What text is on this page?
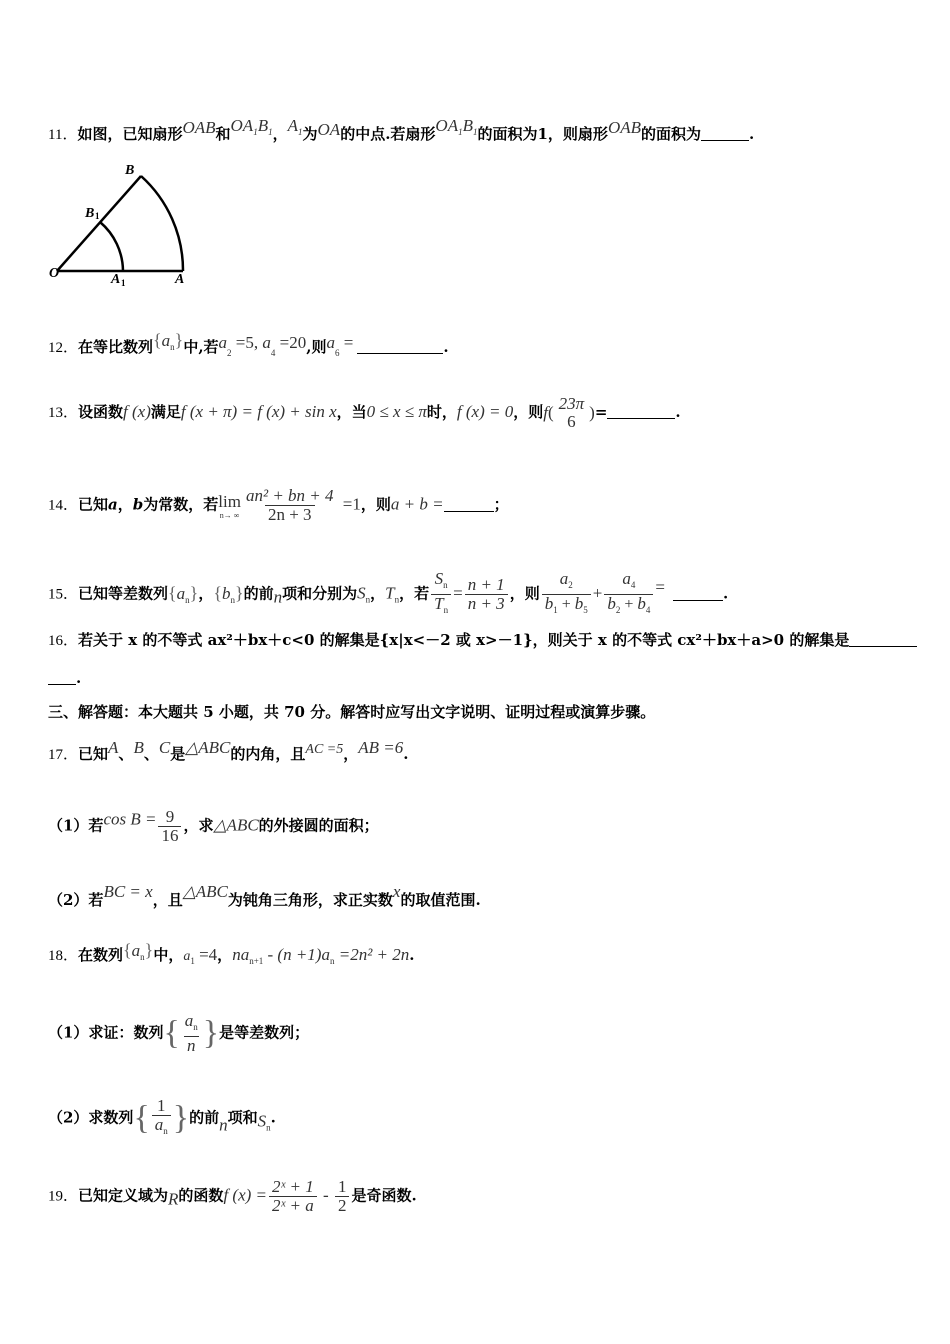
11．如图，已知扇形OAB和$OA_1B_1$，$A_1$为OA的中点.若扇形$OA_1B_1$的面积为1，则扇形OAB的面积为	.
O	A 1	A
B 1
B
12．在等比数列$\{a_n\}$中,若$a_2 =5$, $a_4 =20$,则$a_6$ =	.
13．设函数f (x)满足f (x + π) = f (x) + sin x，当0 ≤ x ≤ π时，f (x) = 0，则f( 23π
6 )=	.
14．已知a，b为常数，若 lim
n→ ∞ $\frac{\text{an² + bn + 4}}{2n + 3} =1$，则a + b =	；
15．已知等差数列$\{a_n\}$，$\{b_n\}$的前n项和分别为$S_n$，$T_n$，若 $\frac{S_n}{T_n} = \frac{n + 1}{n + 3}$ ，则 $\frac{a_2}{b_1 + b_5} + \frac{a_4}{b_2 + b_4}$ =	.
16．若关于 x 的不等式 ax²＋bx＋c<0 的解集是{x|x<－2 或 x>－1}，则关于 x 的不等式 cx²＋bx＋a>0 的解集是
.
三、解答题：本大题共 5 小题，共 70 分。解答时应写出文字说明、证明过程或演算步骤。
17．已知A、B、C是△ABC的内角，且AC =5，AB =6.
（1）若$\cos B = \frac{9}{16}$ ，求△ABC的外接圆的面积；
（2）若BC = x，且△ABC为钝角三角形，求正实数x的取值范围.
18．在数列$\{a_n\}$中，$a_1 =4$，$na_{n+1} - (n +1)a_n =2n^2 + 2n$.
（1）求证：数列{ $\frac{a_n}{n}$ }是等差数列；
（2）求数列{ $\frac{1}{a_n}$ }的前n项和$S_n$.
19．已知定义域为R的函数f $(x) = \frac{\text{2ˣ + 1}}{\text{2ˣ + a}} - \frac{1}{2}$ 是奇函数.
